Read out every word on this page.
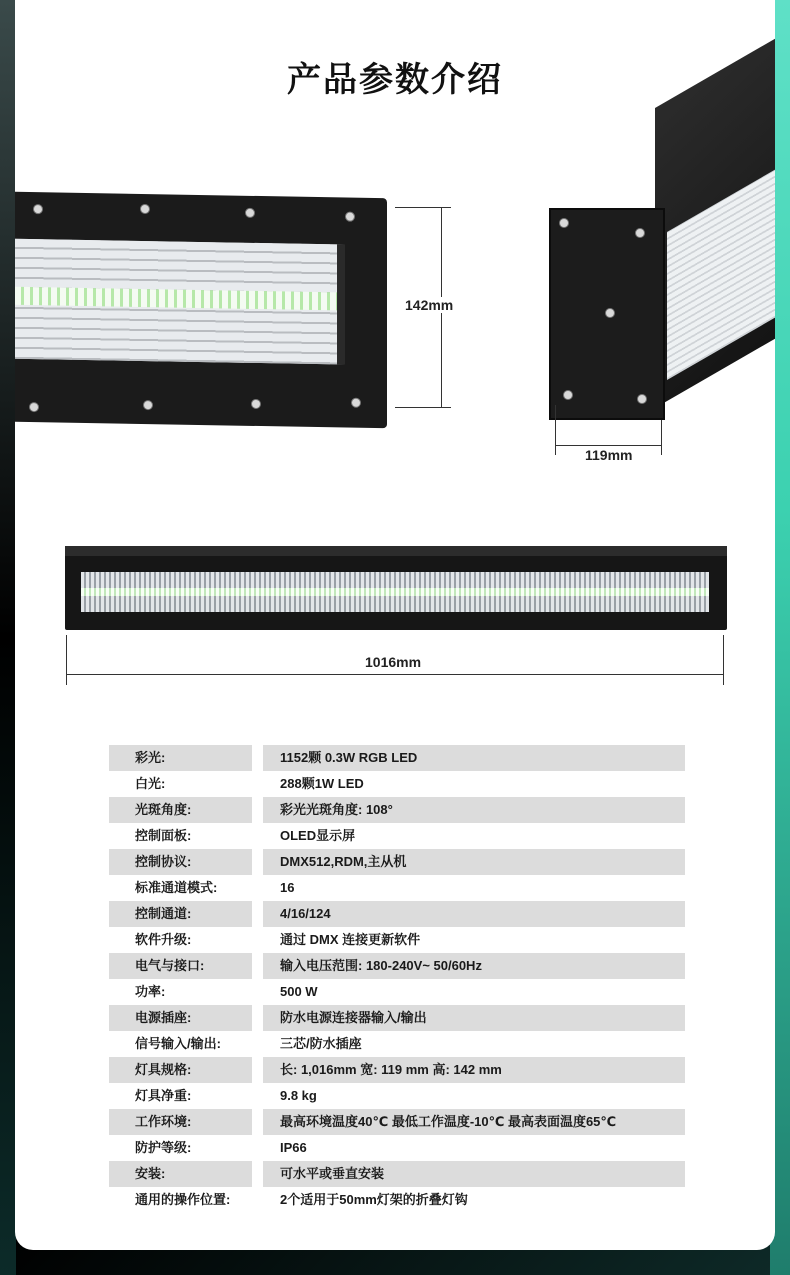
产品参数介绍
142mm
119mm
1016mm
彩光:	1152颗 0.3W RGB LED
白光:	288颗1W LED
光斑角度:	彩光光斑角度: 108°
控制面板:	OLED显示屏
控制协议:	DMX512,RDM,主从机
标准通道模式:	16
控制通道:	4/16/124
软件升级:	通过 DMX 连接更新软件
电气与接口:	输入电压范围: 180-240V~ 50/60Hz
功率:	500 W
电源插座:	防水电源连接器输入/输出
信号输入/输出:	三芯/防水插座
灯具规格:	长: 1,016mm 宽: 119 mm 高: 142 mm
灯具净重:	9.8 kg
工作环境:	最高环境温度40℃ 最低工作温度-10℃ 最高表面温度65℃
防护等级:	IP66
安装:	可水平或垂直安装
通用的操作位置:	2个适用于50mm灯架的折叠灯钩
